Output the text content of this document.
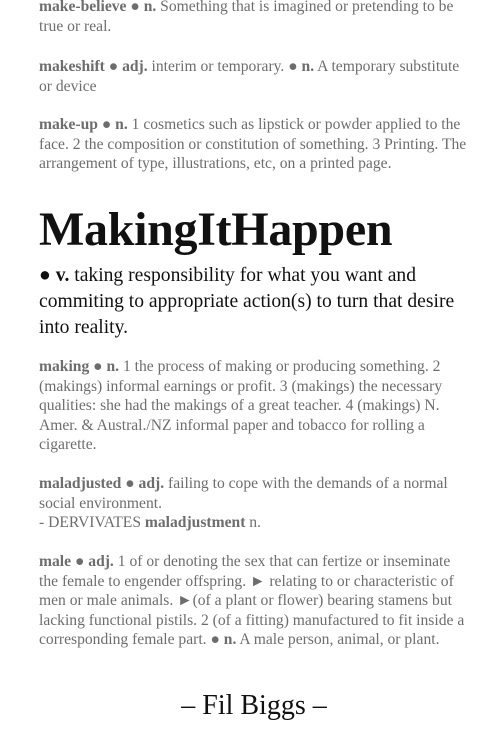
make-believe ● n. Something that is imagined or pretending to be true or real.

makeshift ● adj. interim or temporary. ● n. A temporary substitute or device

make-up ● n. 1 cosmetics such as lipstick or powder applied to the face. 2 the composition or constitution of something. 3 Printing. The arrangement of type, illustrations, etc, on a printed page.

MakingItHappen

● v. taking responsibility for what you want and commiting to appropriate action(s) to turn that desire into reality.

making ● n. 1 the process of making or producing something. 2 (makings) informal earnings or profit. 3 (makings) the necessary qualities: she had the makings of a great teacher. 4 (makings) N. Amer. & Austral./NZ informal paper and tobacco for rolling a cigarette.

maladjusted ● adj. failing to cope with the demands of a normal social environment.
- DERVIVATES maladjustment n.

male ● adj. 1 of or denoting the sex that can fertize or inseminate the female to engender offspring. ► relating to or characteristic of men or male animals. ►(of a plant or flower) bearing stamens but lacking functional pistils. 2 (of a fitting) manufactured to fit inside a corresponding female part. ● n. A male person, animal, or plant.

– Fil Biggs –
